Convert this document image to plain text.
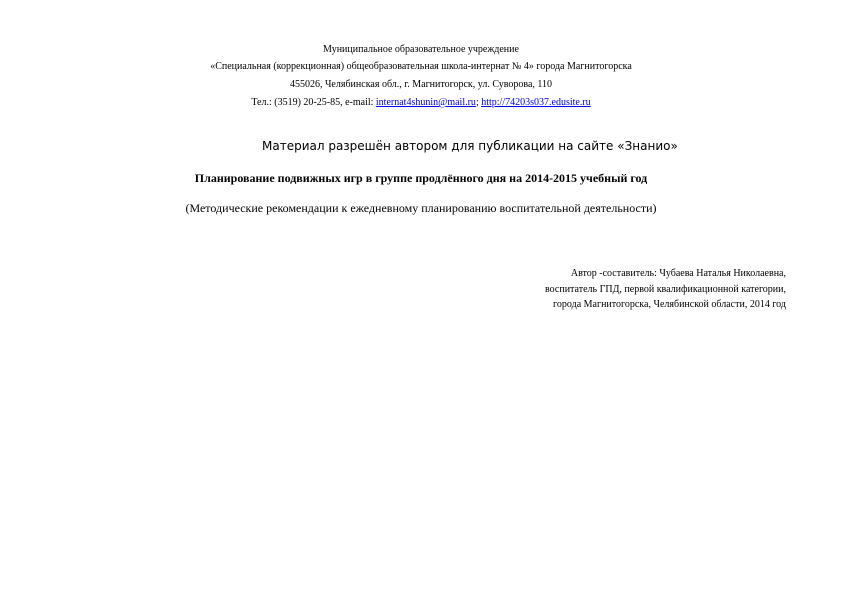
Муниципальное образовательное учреждение
«Специальная (коррекционная) общеобразовательная школа-интернат № 4» города Магнитогорска
455026, Челябинская обл., г. Магнитогорск, ул. Суворова, 110
Тел.: (3519) 20-25-85, e-mail: internat4shunin@mail.ru; http://74203s037.edusite.ru
Материал разрешён автором для публикации на сайте «Знанио»
Планирование подвижных игр в группе продлённого дня на 2014-2015 учебный год
(Методические рекомендации к ежедневному планированию воспитательной деятельности)
Автор -составитель: Чубаева Наталья Николаевна,
воспитатель ГПД, первой квалификационной категории,
города Магнитогорска, Челябинской области, 2014 год
